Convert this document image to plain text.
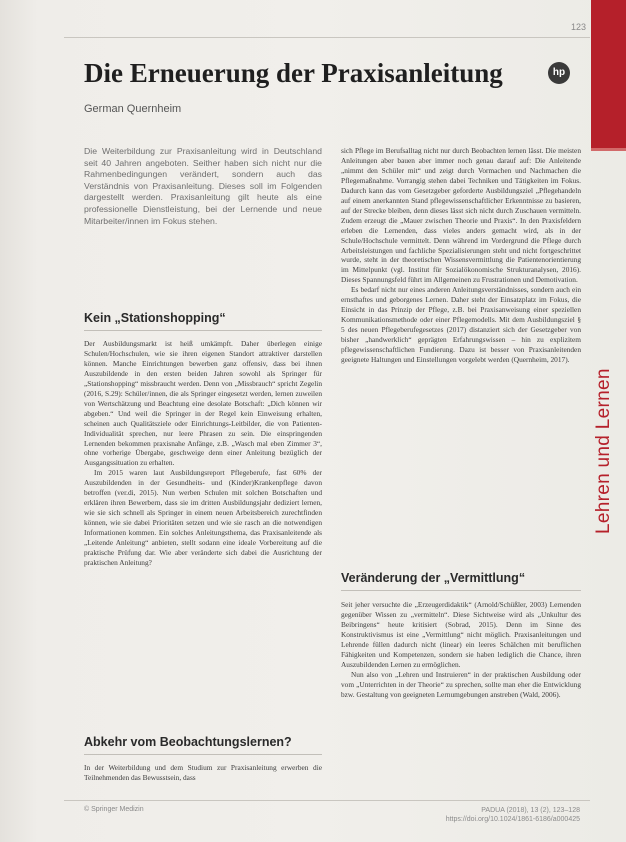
Lehren und Lernen
123
Die Erneuerung der Praxisanleitung	hp
German Quernheim
Die Weiterbildung zur Praxisanleitung wird in Deutschland seit 40 Jahren angeboten. Seither haben sich nicht nur die Rahmenbedingungen verändert, sondern auch das Verständnis von Praxisanleitung. Dieses soll im Folgenden dargestellt werden. Praxisanleitung gilt heute als eine professionelle Dienstleistung, bei der Lernende und neue Mitarbeiter/innen im Fokus stehen.
Kein „Stationshopping“

Der Ausbildungsmarkt ist heiß umkämpft. Daher überlegen einige Schulen/Hochschulen, wie sie ihren eigenen Standort attraktiver darstellen können. Manche Einrichtungen bewerben ganz offensiv, dass bei ihnen Auszubildende in den ersten beiden Jahren sowohl als Springer für „Stationshopping“ missbraucht werden. Denn von „Missbrauch“ spricht Zegelin (2016, S.29): Schüler/innen, die als Springer eingesetzt werden, lernen zuweilen von Wertschätzung und Beachtung eine desolate Botschaft: „Dich können wir abgeben.“ Und weil die Springer in der Regel kein Einweisung erhalten, scheinen auch Qualitätsziele oder Einrichtungs-Leitbilder, die von Patienten-Individualität sprechen, nur leere Phrasen zu sein. Die einspringenden Lernenden bekommen praxisnahe Anfänge, z.B. „Wasch mal eben Zimmer 3“, ohne vorherige Übergabe, geschweige denn einer Anleitung bezüglich der Ausgangssituation zu erhalten.

Im 2015 waren laut Ausbildungsreport Pflegeberufe, fast 60% der Auszubildenden in der Gesundheits- und (Kinder)Krankenpflege davon betroffen (ver.di, 2015). Nun werben Schulen mit solchen Botschaften und erklären ihren Bewerbern, dass sie im dritten Ausbildungsjahr dediziert lernen, wie sie sich schnell als Springer in einem neuen Arbeitsbereich zurechtfinden können, wie sie dabei Prioritäten setzen und wie sie rasch an die notwendigen Informationen kommen. Ein solches Anleitungsthema, das Praxisanleitende als „Leitende Anleitung“ anbieten, stellt sodann eine ideale Vorbereitung auf die praktische Prüfung dar. Wie aber veränderte sich dabei die Ausrichtung der praktischen Anleitung?

Abkehr vom Beobachtungslernen?

In der Weiterbildung und dem Studium zur Praxisanleitung erwerben die Teilnehmenden das Bewusstsein, dass

sich Pflege im Berufsalltag nicht nur durch Beobachten lernen lässt. Die meisten Anleitungen aber bauen aber immer noch genau darauf auf: Die Anleitende „nimmt den Schüler mit“ und zeigt durch Vormachen und Nachmachen die Pflegemaßnahme. Vorrangig stehen dabei Techniken und Tätigkeiten im Fokus. Dadurch kann das vom Gesetzgeber geforderte Ausbildungsziel „Pflegehandeln auf einem anerkannten Stand pflegewissenschaftlicher Erkenntnisse zu basieren, auf der Strecke bleiben, denn dieses lässt sich nicht durch Zuschauen vermitteln. Zudem erzeugt die „Mauer zwischen Theorie und Praxis“. In den Praxisfeldern erleben die Lernenden, dass vieles anders gemacht wird, als in der Schule/Hochschule vermittelt. Denn während im Vordergrund die Pflege durch Arbeitsleistungen und fachliche Spezialisierungen steht und nicht fortgeschrittet wurde, steht in der theoretischen Wissensvermittlung die Patientenorientierung im Mittelpunkt (vgl. Institut für Sozialökonomische Strukturanalysen, 2016). Dieses Spannungsfeld führt im Allgemeinen zu Frustrationen und Demotivation.

Es bedarf nicht nur eines anderen Anleitungsverständnisses, sondern auch ein ernsthaftes und geborgenes Lernen. Daher steht der Einsatzplatz im Fokus, die Einsicht in das Prinzip der Pflege, z.B. bei Praxisanweisung einer speziellen Kommunikationsmethode oder einer Pflegemodells. Mit dem Ausbildungsziel § 5 des neuen Pflegeberufegesetzes (2017) distanziert sich der Gesetzgeber von bisher „handwerklich“ geprägten Erfahrungswissen – hin zu explizitem pflegewissenschaftlichen Fundierung. Dazu ist besser von Praxisanleitenden geeignete Haltungen und Einstellungen vorgelebt werden (Quernheim, 2017).

Veränderung der „Vermittlung“

Seit jeher versuchte die „Erzeugerdidaktik“ (Arnold/Schüßler, 2003) Lernenden gegenüber Wissen zu „vermitteln“. Diese Sichtweise wird als „Unkultur des Beibringens“ heute kritisiert (Sobrad, 2015). Denn im Sinne des Konstruktivismus ist eine „Vermittlung“ nicht möglich. Praxisanleitungen und Lehrende füllen dadurch nicht (linear) ein leeres Schälchen mit beruflichen Fähigkeiten und Kompetenzen, sondern sie haben lediglich die Chance, ihren Auszubildenden Lernen zu ermöglichen.

Nun also von „Lehren und Instruieren“ in der praktischen Ausbildung oder vom „Unterrichten in der Theorie“ zu sprechen, sollte man eher die Entwicklung bzw. Gestaltung von geeigneten Lernumgebungen anstreben (Wald, 2006).

© Springer Medizin	PADUA (2018), 13 (2), 123–128
https://doi.org/10.1024/1861-6186/a000425
